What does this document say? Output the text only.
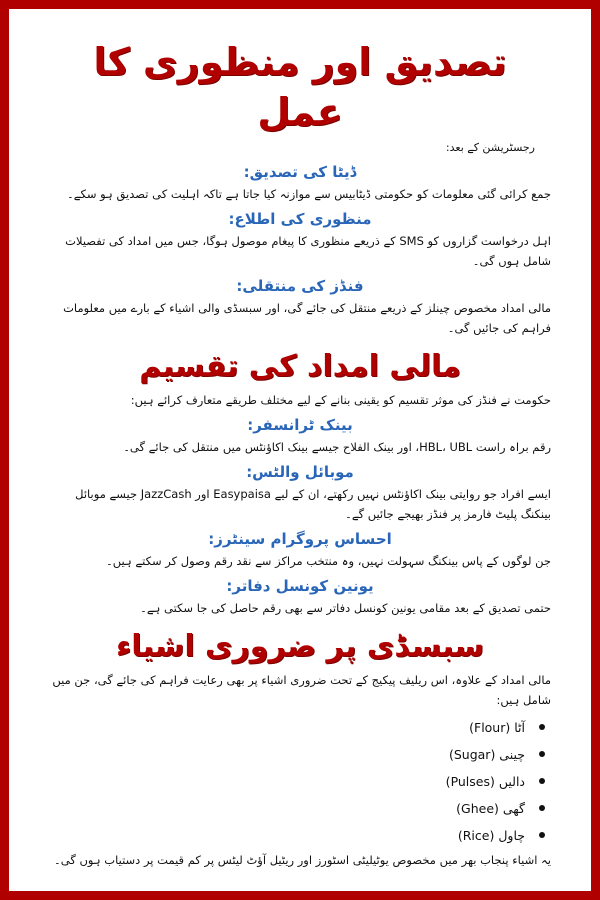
تصدیق اور منظوری کا عمل
رجسٹریشن کے بعد:
ڈیٹا کی تصدیق:
جمع کرائی گئی معلومات کو حکومتی ڈیٹابیس سے موازنہ کیا جاتا ہے تاکہ اہلیت کی تصدیق ہو سکے۔
منظوری کی اطلاع:
اہل درخواست گزاروں کو SMS کے ذریعے منظوری کا پیغام موصول ہوگا، جس میں امداد کی تفصیلات شامل ہوں گی۔
فنڈز کی منتقلی:
مالی امداد مخصوص چینلز کے ذریعے منتقل کی جائے گی، اور سبسڈی والی اشیاء کے بارے میں معلومات فراہم کی جائیں گی۔
مالی امداد کی تقسیم
حکومت نے فنڈز کی موثر تقسیم کو یقینی بنانے کے لیے مختلف طریقے متعارف کرائے ہیں:
بینک ٹرانسفر:
رقم براہ راست HBL، UBL، اور بینک الفلاح جیسے بینک اکاؤنٹس میں منتقل کی جائے گی۔
موبائل والٹس:
ایسے افراد جو روایتی بینک اکاؤنٹس نہیں رکھتے، ان کے لیے Easypaisa اور JazzCash جیسے موبائل بینکنگ پلیٹ فارمز پر فنڈز بھیجے جائیں گے۔
احساس پروگرام سینٹرز:
جن لوگوں کے پاس بینکنگ سہولت نہیں، وہ منتخب مراکز سے نقد رقم وصول کر سکتے ہیں۔
یونین کونسل دفاتر:
حتمی تصدیق کے بعد مقامی یونین کونسل دفاتر سے بھی رقم حاصل کی جا سکتی ہے۔
سبسڈی پر ضروری اشیاء
مالی امداد کے علاوہ، اس ریلیف پیکیج کے تحت ضروری اشیاء پر بھی رعایت فراہم کی جائے گی، جن میں شامل ہیں:
آٹا (Flour)
چینی (Sugar)
دالیں (Pulses)
گھی (Ghee)
چاول (Rice)
یہ اشیاء پنجاب بھر میں مخصوص یوٹیلیٹی اسٹورز اور ریٹیل آؤٹ لیٹس پر کم قیمت پر دستیاب ہوں گی۔
